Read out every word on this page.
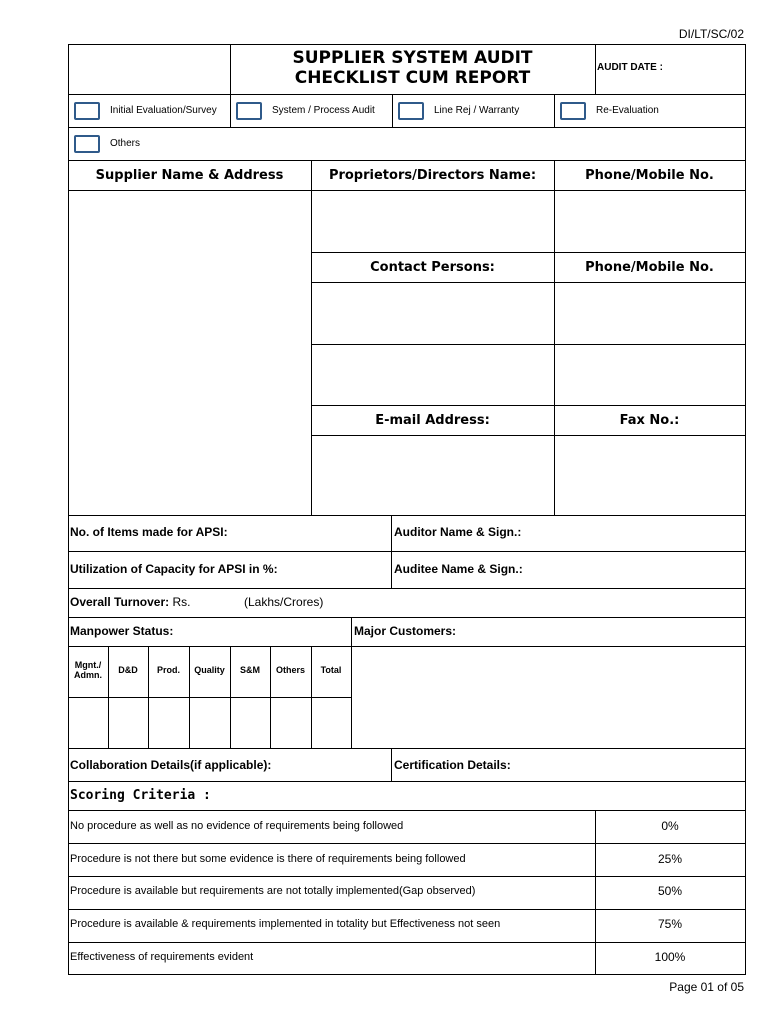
DI/LT/SC/02
SUPPLIER SYSTEM AUDIT
CHECKLIST CUM REPORT
AUDIT DATE :
Initial Evaluation/Survey	System / Process Audit	Line Rej / Warranty	Re-Evaluation
Others
Supplier Name & Address	Proprietors/Directors Name:	Phone/Mobile No.
Contact Persons:	Phone/Mobile No.
E-mail Address:	Fax No.:
No. of Items made for APSI:	Auditor Name & Sign.:
Utilization of Capacity for APSI in %:	Auditee Name & Sign.:
Overall Turnover: Rs.	(Lakhs/Crores)
Manpower Status:	Major Customers:
Mgnt./
Admn.	D&D	Prod.	Quality	S&M	Others	Total
Collaboration Details(if applicable):	Certification Details:
Scoring Criteria :
No procedure as well as no evidence of requirements being followed	0%
Procedure is not there but some evidence is there of requirements being followed	25%
Procedure is available but requirements are not totally implemented(Gap observed)	50%
Procedure is available & requirements implemented in totality but Effectiveness not seen	75%
Effectiveness of requirements evident	100%
Page 01 of 05
